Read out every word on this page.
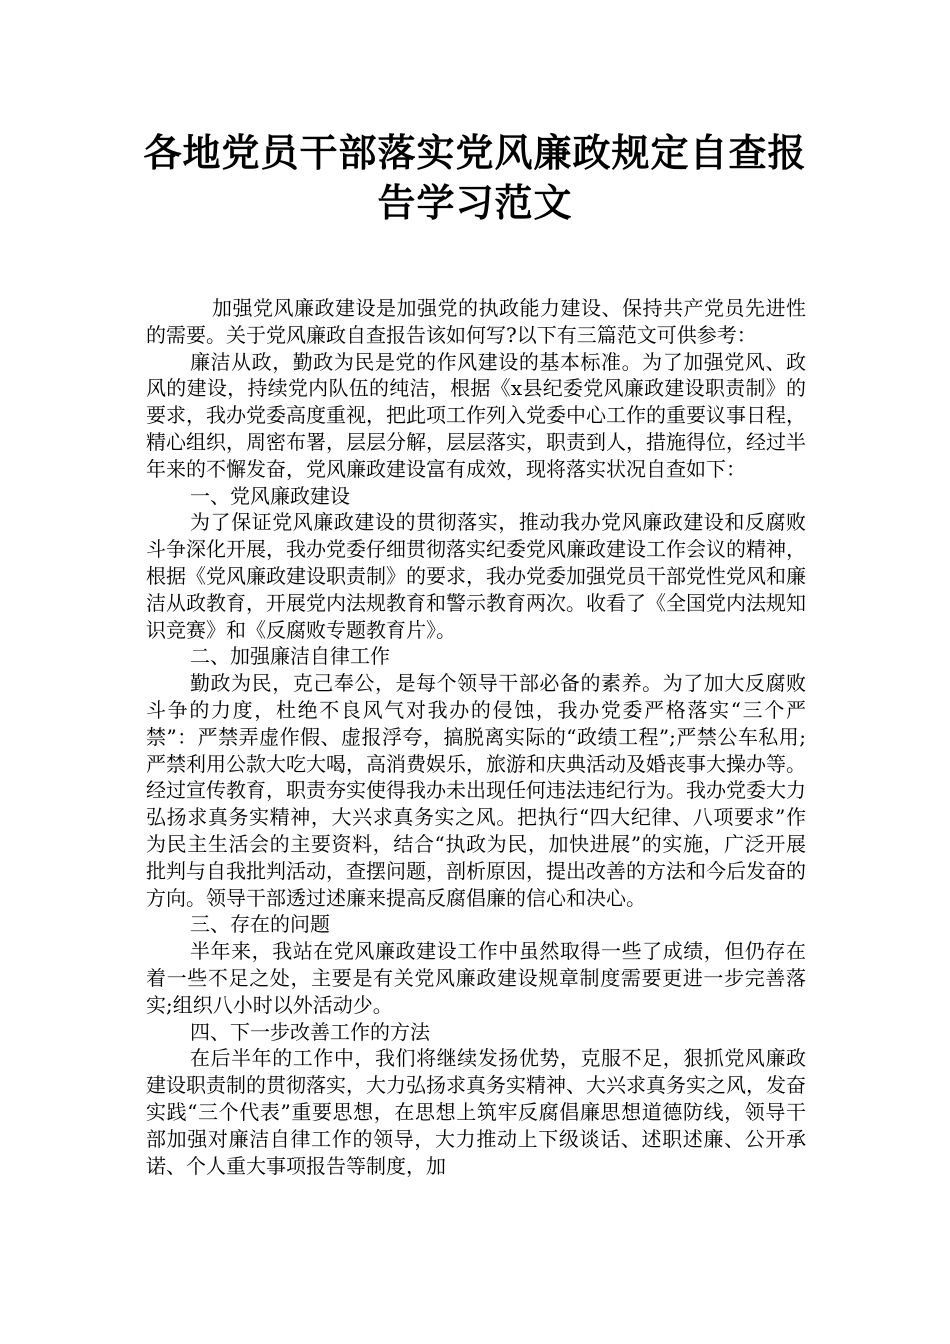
各地党员干部落实党风廉政规定自查报告学习范文

加强党风廉政建设是加强党的执政能力建设、保持共产党员先进性的需要。关于党风廉政自查报告该如何写?以下有三篇范文可供参考：

廉洁从政，勤政为民是党的作风建设的基本标准。为了加强党风、政风的建设，持续党内队伍的纯洁，根据《x县纪委党风廉政建设职责制》的要求，我办党委高度重视，把此项工作列入党委中心工作的重要议事日程，精心组织，周密布署，层层分解，层层落实，职责到人，措施得位，经过半年来的不懈发奋，党风廉政建设富有成效，现将落实状况自查如下：

一、党风廉政建设

为了保证党风廉政建设的贯彻落实，推动我办党风廉政建设和反腐败斗争深化开展，我办党委仔细贯彻落实纪委党风廉政建设工作会议的精神，根据《党风廉政建设职责制》的要求，我办党委加强党员干部党性党风和廉洁从政教育，开展党内法规教育和警示教育两次。收看了《全国党内法规知识竞赛》和《反腐败专题教育片》。

二、加强廉洁自律工作

勤政为民，克己奉公，是每个领导干部必备的素养。为了加大反腐败斗争的力度，杜绝不良风气对我办的侵蚀，我办党委严格落实“三个严禁”：严禁弄虚作假、虚报浮夸，搞脱离实际的“政绩工程”;严禁公车私用;严禁利用公款大吃大喝，高消费娱乐，旅游和庆典活动及婚丧事大操办等。经过宣传教育，职责夯实使得我办未出现任何违法违纪行为。我办党委大力弘扬求真务实精神，大兴求真务实之风。把执行“四大纪律、八项要求”作为民主生活会的主要资料，结合“执政为民，加快进展”的实施，广泛开展批判与自我批判活动，查摆问题，剖析原因，提出改善的方法和今后发奋的方向。领导干部透过述廉来提高反腐倡廉的信心和决心。

三、存在的问题

半年来，我站在党风廉政建设工作中虽然取得一些了成绩，但仍存在着一些不足之处，主要是有关党风廉政建设规章制度需要更进一步完善落实;组织八小时以外活动少。

四、下一步改善工作的方法

在后半年的工作中，我们将继续发扬优势，克服不足，狠抓党风廉政建设职责制的贯彻落实，大力弘扬求真务实精神、大兴求真务实之风，发奋实践“三个代表”重要思想，在思想上筑牢反腐倡廉思想道德防线，领导干部加强对廉洁自律工作的领导，大力推动上下级谈话、述职述廉、公开承诺、个人重大事项报告等制度，加
